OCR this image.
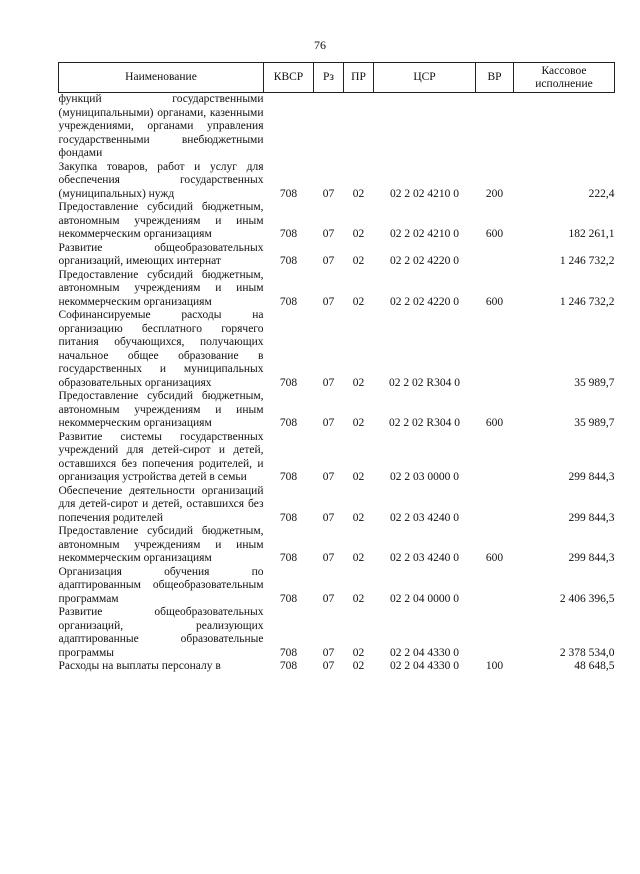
76
Наименование	КВСР	Рз	ПР	ЦСР	ВР	Кассовое исполнение
функций государственными (муниципальными) органами, казенными учреждениями, органами управления государственными внебюджетными фондами						
Закупка товаров, работ и услуг для обеспечения государственных (муниципальных) нужд	708	07	02	02 2 02 4210 0	200	222,4
Предоставление субсидий бюджетным, автономным учреждениям и иным некоммерческим организациям	708	07	02	02 2 02 4210 0	600	182 261,1
Развитие общеобразовательных организаций, имеющих интернат	708	07	02	02 2 02 4220 0		1 246 732,2
Предоставление субсидий бюджетным, автономным учреждениям и иным некоммерческим организациям	708	07	02	02 2 02 4220 0	600	1 246 732,2
Софинансируемые расходы на организацию бесплатного горячего питания обучающихся, получающих начальное общее образование в государственных и муниципальных образовательных организациях	708	07	02	02 2 02 R304 0		35 989,7
Предоставление субсидий бюджетным, автономным учреждениям и иным некоммерческим организациям	708	07	02	02 2 02 R304 0	600	35 989,7
Развитие системы государственных учреждений для детей-сирот и детей, оставшихся без попечения родителей, и организация устройства детей в семьи	708	07	02	02 2 03 0000 0		299 844,3
Обеспечение деятельности организаций для детей-сирот и детей, оставшихся без попечения родителей	708	07	02	02 2 03 4240 0		299 844,3
Предоставление субсидий бюджетным, автономным учреждениям и иным некоммерческим организациям	708	07	02	02 2 03 4240 0	600	299 844,3
Организация обучения по адаптированным общеобразовательным программам	708	07	02	02 2 04 0000 0		2 406 396,5
Развитие общеобразовательных организаций, реализующих адаптированные образовательные программы	708	07	02	02 2 04 4330 0		2 378 534,0
Расходы на выплаты персоналу в	708	07	02	02 2 04 4330 0	100	48 648,5
